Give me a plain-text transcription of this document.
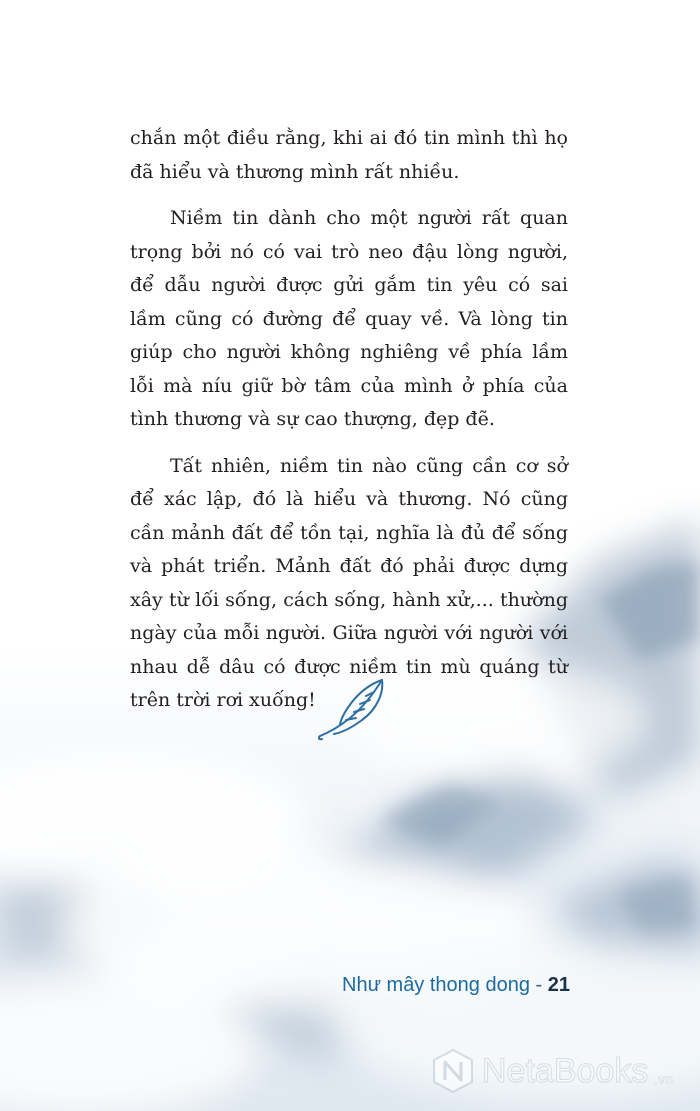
chắn một điều rằng, khi ai đó tin mình thì họ đã hiểu và thương mình rất nhiều.

Niềm tin dành cho một người rất quan trọng bởi nó có vai trò neo đậu lòng người, để dẫu người được gửi gắm tin yêu có sai lầm cũng có đường để quay về. Và lòng tin giúp cho người không nghiêng về phía lầm lỗi mà níu giữ bờ tâm của mình ở phía của tình thương và sự cao thượng, đẹp đẽ.

Tất nhiên, niềm tin nào cũng cần cơ sở để xác lập, đó là hiểu và thương. Nó cũng cần mảnh đất để tồn tại, nghĩa là đủ để sống và phát triển. Mảnh đất đó phải được dựng xây từ lối sống, cách sống, hành xử,... thường ngày của mỗi người. Giữa người với người với nhau dễ dâu có được niềm tin mù quáng từ trên trời rơi xuống!

Như mây thong dong - 21
NetaBooks .vn
